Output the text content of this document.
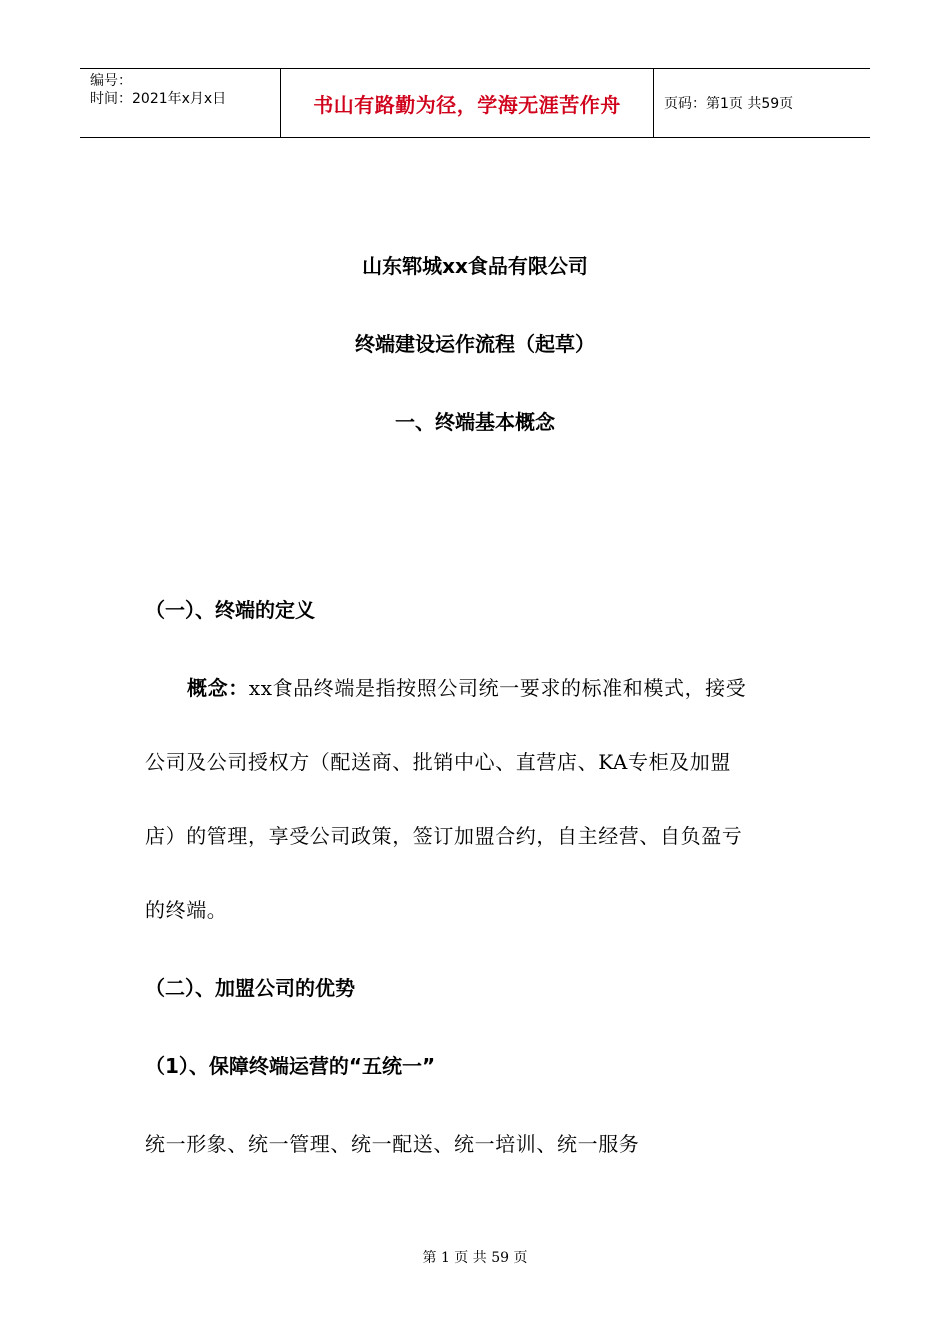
编号：
时间：2021年x月x日	书山有路勤为径，学海无涯苦作舟	页码：第1页 共59页
山东郓城xx食品有限公司
终端建设运作流程（起草）
一、终端基本概念
（一）、终端的定义
概念：xx食品终端是指按照公司统一要求的标准和模式，接受
公司及公司授权方（配送商、批销中心、直营店、KA专柜及加盟
店）的管理，享受公司政策，签订加盟合约，自主经营、自负盈亏
的终端。
（二）、加盟公司的优势
（1）、保障终端运营的“五统一”
统一形象、统一管理、统一配送、统一培训、统一服务
第 1 页 共 59 页
